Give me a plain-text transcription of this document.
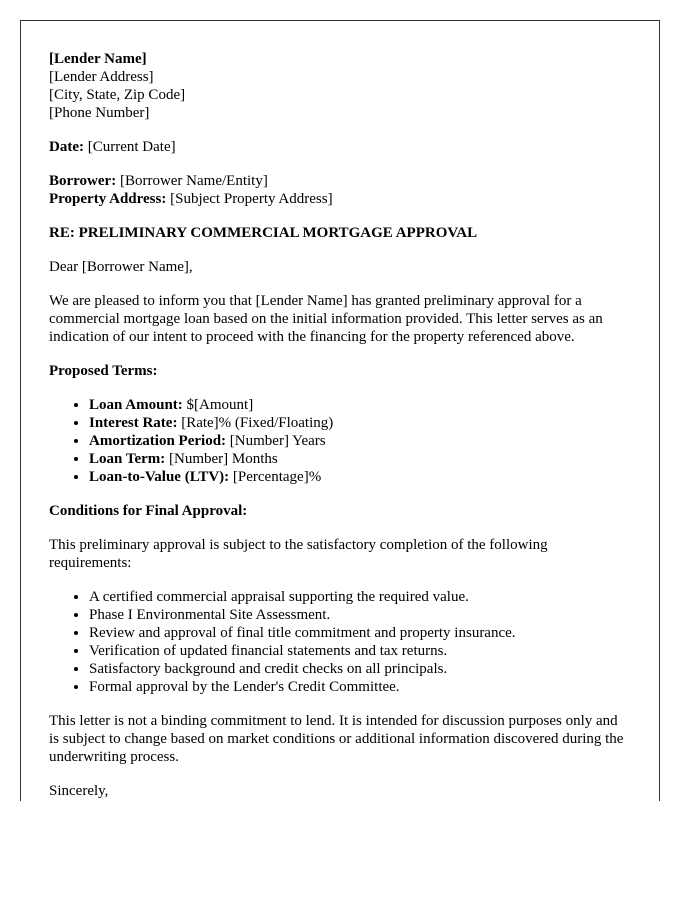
[Lender Name]
[Lender Address]
[City, State, Zip Code]
[Phone Number]

Date: [Current Date]

Borrower: [Borrower Name/Entity]
Property Address: [Subject Property Address]

RE: PRELIMINARY COMMERCIAL MORTGAGE APPROVAL

Dear [Borrower Name],

We are pleased to inform you that [Lender Name] has granted preliminary approval for a commercial mortgage loan based on the initial information provided. This letter serves as an indication of our intent to proceed with the financing for the property referenced above.

Proposed Terms:

• Loan Amount: $[Amount]
• Interest Rate: [Rate]% (Fixed/Floating)
• Amortization Period: [Number] Years
• Loan Term: [Number] Months
• Loan-to-Value (LTV): [Percentage]%

Conditions for Final Approval:

This preliminary approval is subject to the satisfactory completion of the following requirements:

• A certified commercial appraisal supporting the required value.
• Phase I Environmental Site Assessment.
• Review and approval of final title commitment and property insurance.
• Verification of updated financial statements and tax returns.
• Satisfactory background and credit checks on all principals.
• Formal approval by the Lender's Credit Committee.

This letter is not a binding commitment to lend. It is intended for discussion purposes only and is subject to change based on market conditions or additional information discovered during the underwriting process.

Sincerely,
